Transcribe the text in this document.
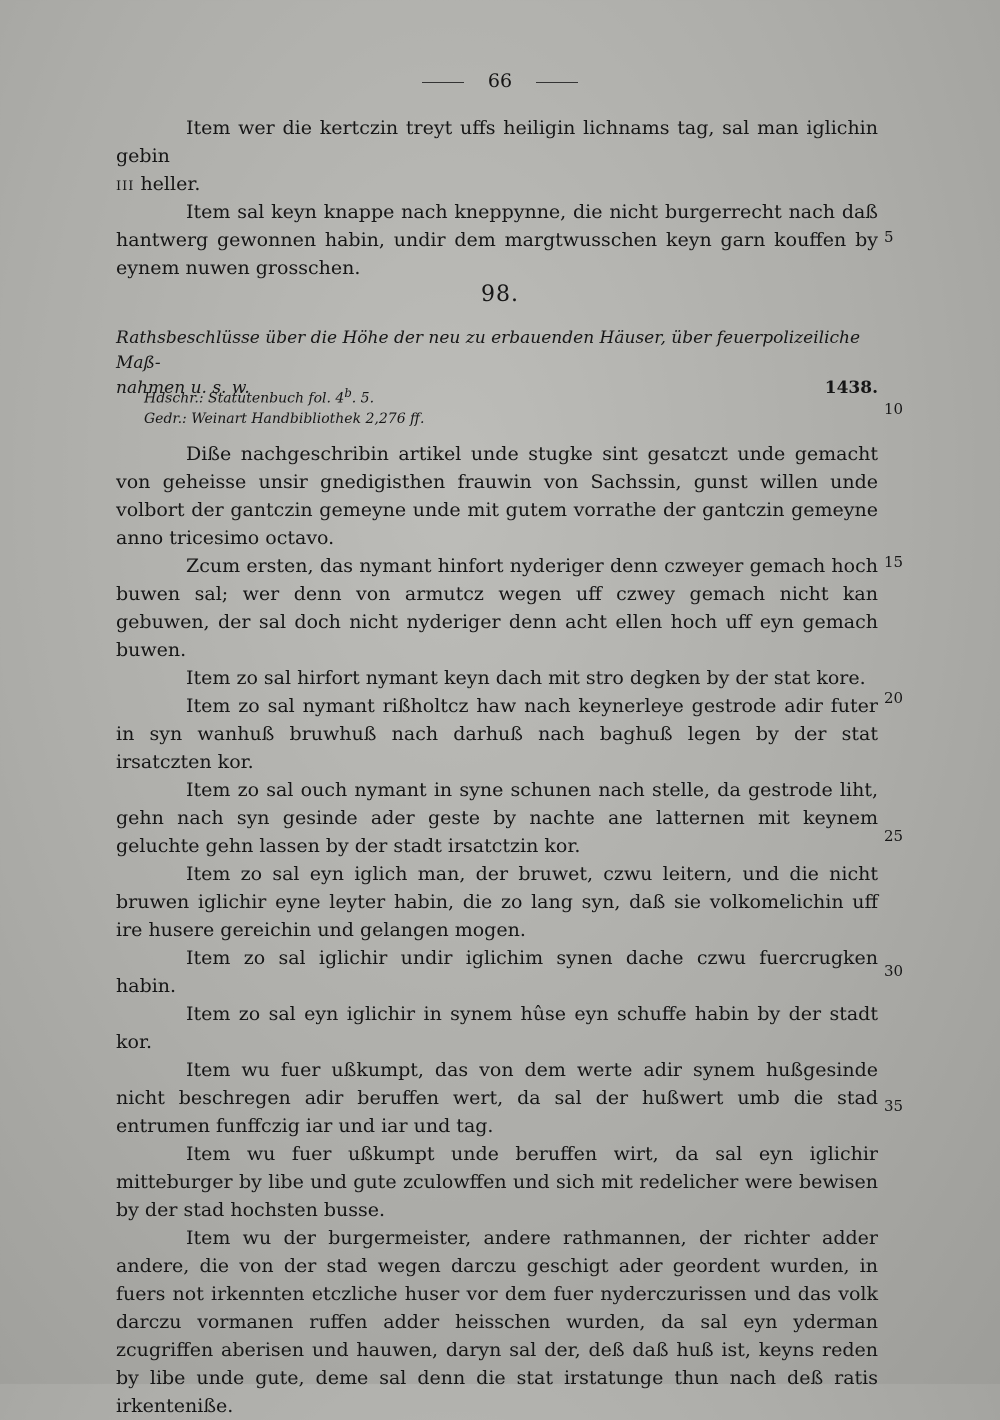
66

Item wer die kertczin treyt uffs heiligin lichnams tag, sal man iglichin gebin
iii heller.

Item sal keyn knappe nach kneppynne, die nicht burgerrecht nach daß hantwerg gewonnen habin, undir dem margtwusschen keyn garn kouffen by eynem nuwen grosschen.

98.
Rathsbeschlüsse über die Höhe der neu zu erbauenden Häuser, über feuerpolizeiliche Maß-
nahmen u. s. w.	1438.
Hdschr.: Statutenbuch fol. 4$^b$. 5.
Gedr.: Weinart Handbibliothek 2,276 ff.

Diße nachgeschribin artikel unde stugke sint gesatczt unde gemacht von geheisse unsir gnedigisthen frauwin von Sachssin, gunst willen unde volbort der gantczin gemeyne unde mit gutem vorrathe der gantczin gemeyne anno tricesimo octavo.

Zcum ersten, das nymant hinfort nyderiger denn czweyer gemach hoch buwen sal; wer denn von armutcz wegen uff czwey gemach nicht kan gebuwen, der sal doch nicht nyderiger denn acht ellen hoch uff eyn gemach buwen.

Item zo sal hirfort nymant keyn dach mit stro degken by der stat kore.

Item zo sal nymant rißholtcz haw nach keynerleye gestrode adir futer in syn wanhuß bruwhuß nach darhuß nach baghuß legen by der stat irsatczten kor.

Item zo sal ouch nymant in syne schunen nach stelle, da gestrode liht, gehn nach syn gesinde ader geste by nachte ane latternen mit keynem geluchte gehn lassen by der stadt irsatctzin kor.

Item zo sal eyn iglich man, der bruwet, czwu leitern, und die nicht bruwen iglichir eyne leyter habin, die zo lang syn, daß sie volkomelichin uff ire husere gereichin und gelangen mogen.

Item zo sal iglichir undir iglichim synen dache czwu fuercrugken habin.

Item zo sal eyn iglichir in synem hûse eyn schuffe habin by der stadt kor.

Item wu fuer ußkumpt, das von dem werte adir synem hußgesinde nicht beschregen adir beruffen wert, da sal der hußwert umb die stad entrumen funffczig iar und iar und tag.

Item wu fuer ußkumpt unde beruffen wirt, da sal eyn iglichir mitteburger by libe und gute zculowffen und sich mit redelicher were bewisen by der stad hochsten busse.

Item wu der burgermeister, andere rathmannen, der richter adder andere, die von der stad wegen darczu geschigt ader geordent wurden, in fuers not irkennten etczliche huser vor dem fuer nyderczurissen und das volk darczu vormanen ruffen adder heisschen wurden, da sal eyn yderman zcugriffen aberisen und hauwen, daryn sal der, deß daß huß ist, keyns reden by libe unde gute, deme sal denn die stat irstatunge thun nach deß ratis irkenteniße.

5
10
15
20
25
30
35
